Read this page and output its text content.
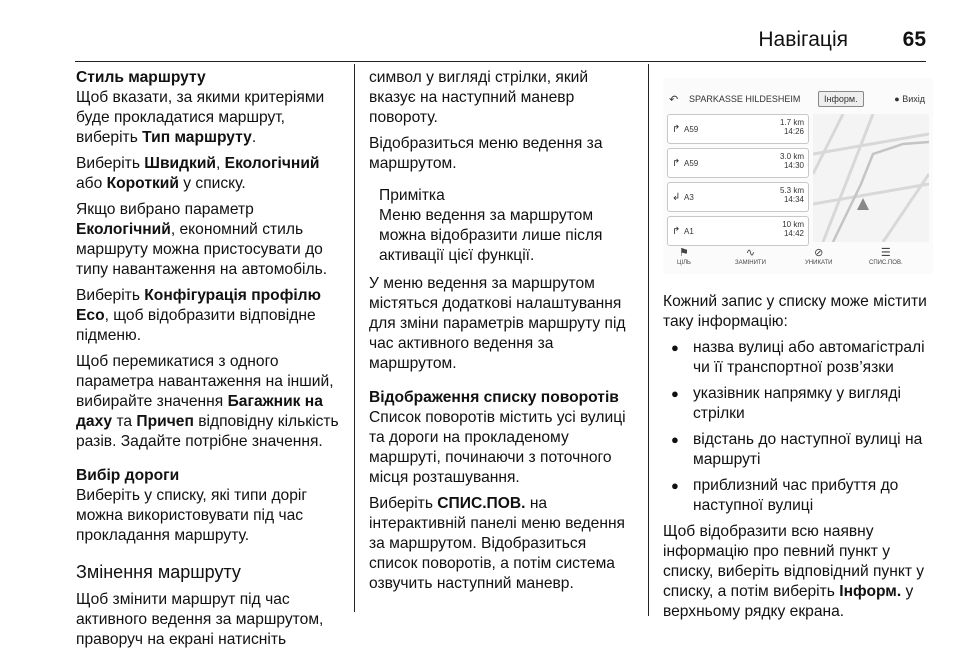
Навігація	65
Стиль маршруту

Щоб вказати, за якими критеріями буде прокладатися маршрут, виберіть Тип маршруту.

Виберіть Швидкий, Екологічний або Короткий у списку.

Якщо вибрано параметр Екологічний, економний стиль маршруту можна пристосувати до типу навантаження на автомобіль.

Виберіть Конфігурація профілю Eco, щоб відобразити відповідне підменю.

Щоб перемикатися з одного параметра навантаження на інший, вибирайте значення Багажник на даху та Причеп відповідну кількість разів. Задайте потрібне значення.

Вибір дороги

Виберіть у списку, які типи доріг можна використовувати під час прокладання маршруту.

Змінення маршруту

Щоб змінити маршрут під час активного ведення за маршрутом, праворуч на екрані натисніть

символ у вигляді стрілки, який вказує на наступний маневр повороту.

Відобразиться меню ведення за маршрутом.

Примітка
Меню ведення за маршрутом можна відобразити лише після активації цієї функції.

У меню ведення за маршрутом містяться додаткові налаштування для зміни параметрів маршруту під час активного ведення за маршрутом.

Відображення списку поворотів

Список поворотів містить усі вулиці та дороги на прокладеному маршруті, починаючи з поточного місця розташування.

Виберіть СПИС.ПОВ. на інтерактивній панелі меню ведення за маршрутом. Відобразиться список поворотів, а потім система озвучить наступний маневр.

↶ SPARKASSE HILDESHEIM	Інформ.	● Вихід
↱ A59
1.7 km
14:26
↱ A59
3.0 km
14:30
↲ A3
5.3 km
14:34
↱ A1
10 km
14:42
⚑
ЦІЛЬ
∿
ЗАМІНИТИ
⊘
УНИКАТИ
☰
СПИС.ПОВ.

Кожний запис у списку може містити таку інформацію:

● назва вулиці або автомагістралі чи її транспортної розв’язки
● указівник напрямку у вигляді стрілки
● відстань до наступної вулиці на маршруті
● приблизний час прибуття до наступної вулиці

Щоб відобразити всю наявну інформацію про певний пункт у списку, виберіть відповідний пункт у списку, а потім виберіть Інформ. у верхньому рядку екрана.
